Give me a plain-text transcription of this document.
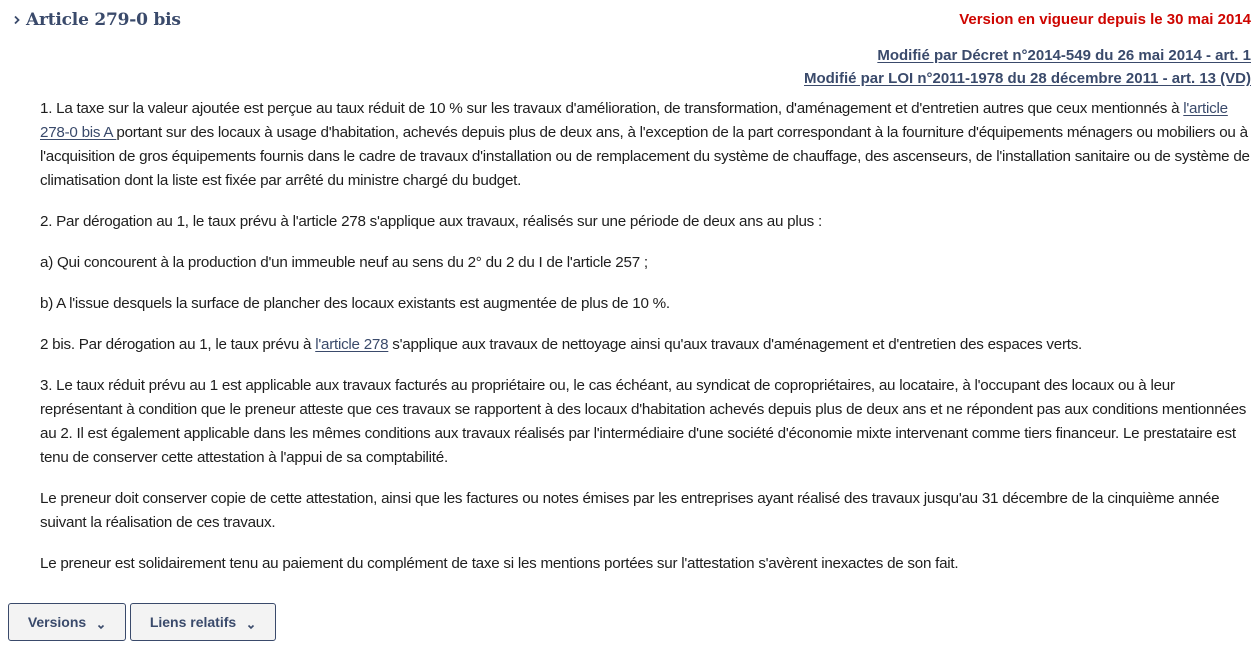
Article 279-0 bis	Version en vigueur depuis le 30 mai 2014
Modifié par Décret n°2014-549 du 26 mai 2014 - art. 1
Modifié par LOI n°2011-1978 du 28 décembre 2011 - art. 13 (VD)

1. La taxe sur la valeur ajoutée est perçue au taux réduit de 10 % sur les travaux d'amélioration, de transformation, d'aménagement et d'entretien autres que ceux mentionnés à l'article 278-0 bis A portant sur des locaux à usage d'habitation, achevés depuis plus de deux ans, à l'exception de la part correspondant à la fourniture d'équipements ménagers ou mobiliers ou à l'acquisition de gros équipements fournis dans le cadre de travaux d'installation ou de remplacement du système de chauffage, des ascenseurs, de l'installation sanitaire ou de système de climatisation dont la liste est fixée par arrêté du ministre chargé du budget.

2. Par dérogation au 1, le taux prévu à l'article 278 s'applique aux travaux, réalisés sur une période de deux ans au plus :

a) Qui concourent à la production d'un immeuble neuf au sens du 2° du 2 du I de l'article 257 ;

b) A l'issue desquels la surface de plancher des locaux existants est augmentée de plus de 10 %.

2 bis. Par dérogation au 1, le taux prévu à l'article 278 s'applique aux travaux de nettoyage ainsi qu'aux travaux d'aménagement et d'entretien des espaces verts.

3. Le taux réduit prévu au 1 est applicable aux travaux facturés au propriétaire ou, le cas échéant, au syndicat de copropriétaires, au locataire, à l'occupant des locaux ou à leur représentant à condition que le preneur atteste que ces travaux se rapportent à des locaux d'habitation achevés depuis plus de deux ans et ne répondent pas aux conditions mentionnées au 2. Il est également applicable dans les mêmes conditions aux travaux réalisés par l'intermédiaire d'une société d'économie mixte intervenant comme tiers financeur. Le prestataire est tenu de conserver cette attestation à l'appui de sa comptabilité.

Le preneur doit conserver copie de cette attestation, ainsi que les factures ou notes émises par les entreprises ayant réalisé des travaux jusqu'au 31 décembre de la cinquième année suivant la réalisation de ces travaux.

Le preneur est solidairement tenu au paiement du complément de taxe si les mentions portées sur l'attestation s'avèrent inexactes de son fait.

Versions	Liens relatifs
